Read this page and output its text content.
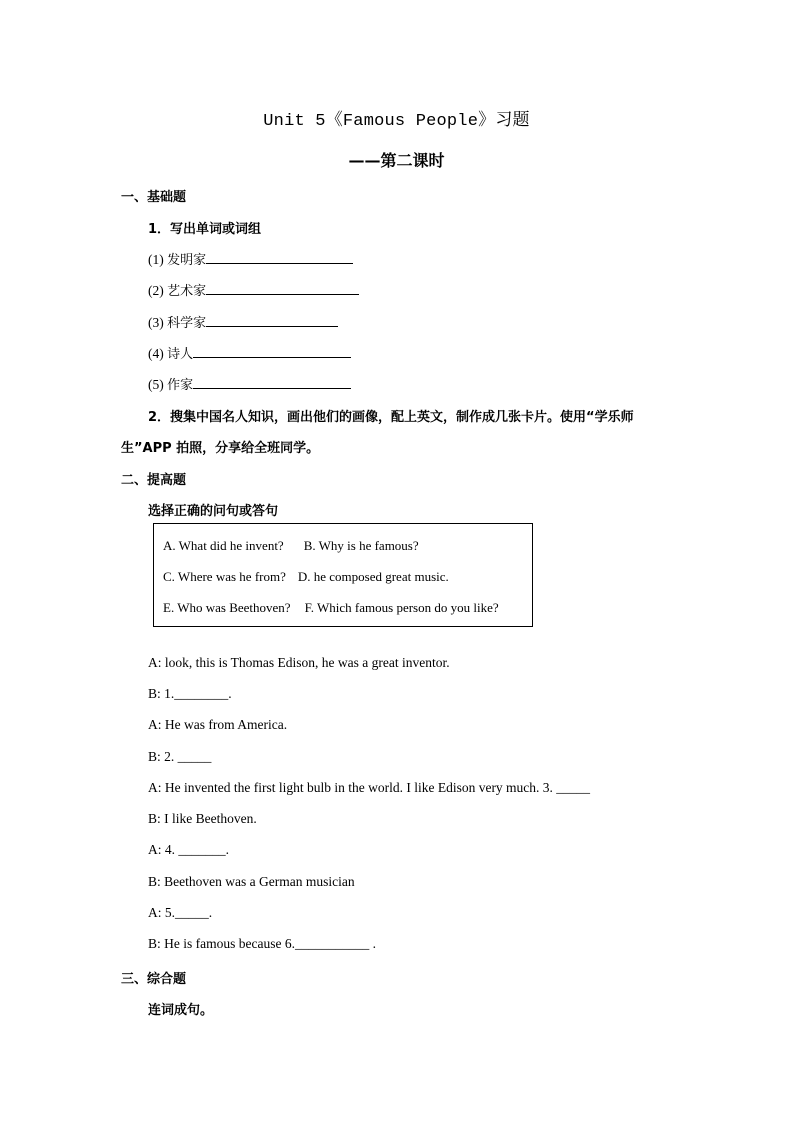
Unit 5《Famous People》习题
——第二课时
一、基础题
1．写出单词或词组
(1) 发明家
(2) 艺术家
(3) 科学家
(4) 诗人
(5) 作家
2．搜集中国名人知识，画出他们的画像，配上英文，制作成几张卡片。使用“学乐师
生”APP 拍照，分享给全班同学。
二、提高题
选择正确的问句或答句
A. What did he invent? B. Why is he famous?
C. Where was he from? D. he composed great music.
E. Who was Beethoven? F. Which famous person do you like?
A: look, this is Thomas Edison, he was a great inventor.
B: 1.________.
A: He was from America.
B: 2. _____
A: He invented the first light bulb in the world. I like Edison very much. 3. _____
B: I like Beethoven.
A: 4. _______.
B: Beethoven was a German musician
A: 5._____.
B: He is famous because 6.___________ .
三、综合题
连词成句。
